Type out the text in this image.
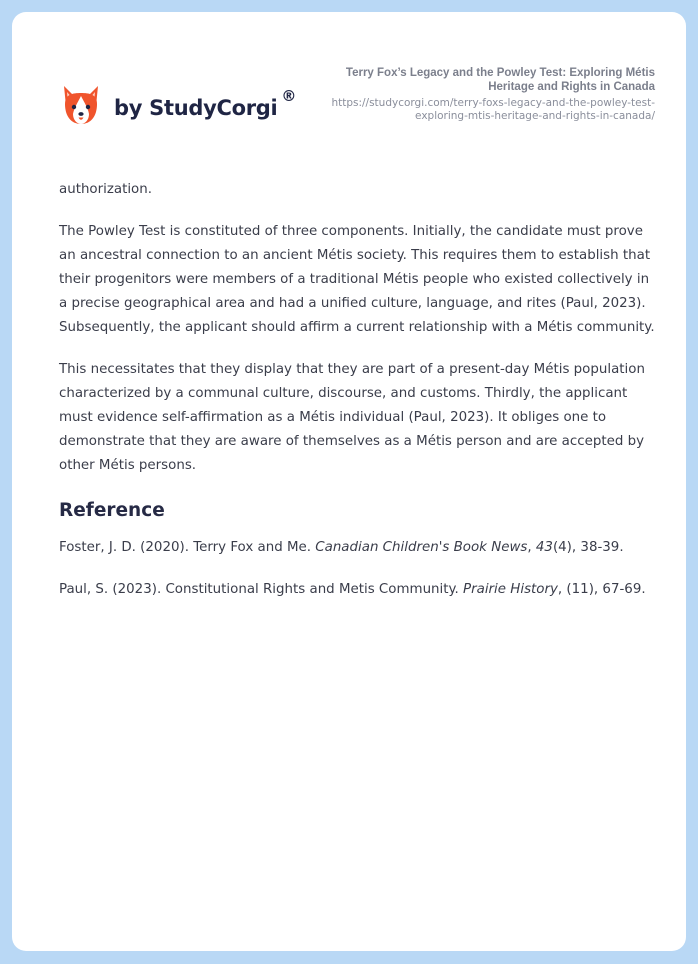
by StudyCorgi ®

Terry Fox’s Legacy and the Powley Test: Exploring Métis Heritage and Rights in Canada

https://studycorgi.com/terry-foxs-legacy-and-the-powley-test-exploring-mtis-heritage-and-rights-in-canada/

authorization.

The Powley Test is constituted of three components. Initially, the candidate must prove an ancestral connection to an ancient Métis society. This requires them to establish that their progenitors were members of a traditional Métis people who existed collectively in a precise geographical area and had a unified culture, language, and rites (Paul, 2023). Subsequently, the applicant should affirm a current relationship with a Métis community.

This necessitates that they display that they are part of a present-day Métis population characterized by a communal culture, discourse, and customs. Thirdly, the applicant must evidence self-affirmation as a Métis individual (Paul, 2023). It obliges one to demonstrate that they are aware of themselves as a Métis person and are accepted by other Métis persons.

Reference

Foster, J. D. (2020). Terry Fox and Me. Canadian Children's Book News, 43(4), 38-39.

Paul, S. (2023). Constitutional Rights and Metis Community. Prairie History, (11), 67-69.
